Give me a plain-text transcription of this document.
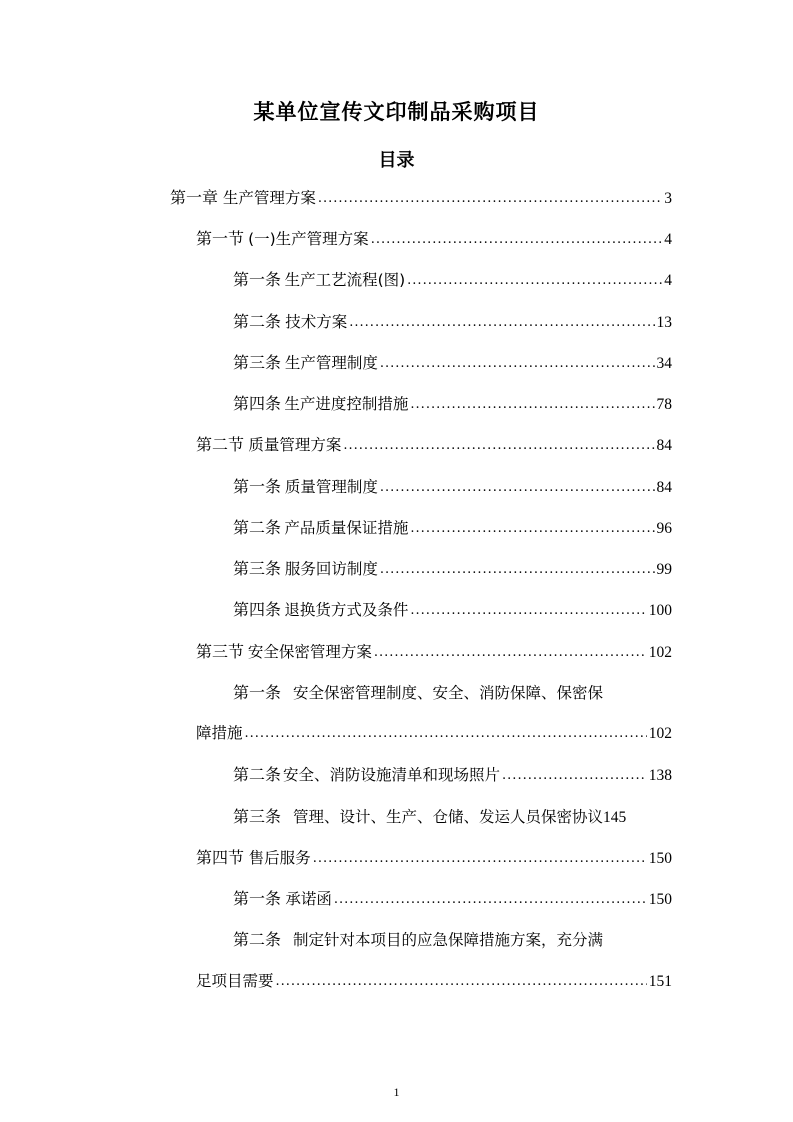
某单位宣传文印制品采购项目
目录
第一章 生产管理方案 .....	3
第一节 (一)生产管理方案 .....	4
第一条 生产工艺流程(图) .....	4
第二条 技术方案 .....	13
第三条 生产管理制度 .....	34
第四条 生产进度控制措施 .....	78
第二节 质量管理方案 .....	84
第一条 质量管理制度 .....	84
第二条 产品质量保证措施 .....	96
第三条 服务回访制度 .....	99
第四条 退换货方式及条件 .....	100
第三节 安全保密管理方案 .....	102
第一条 安全保密管理制度、安全、消防保障、保密保
障措施 .....	102
第二条 安全、消防设施清单和现场照片 .....	138
第三条 管理、设计、生产、仓储、发运人员保密协议 145
第四节 售后服务 .....	150
第一条 承诺函 .....	150
第二条 制定针对本项目的应急保障措施方案，充分满
足项目需要 .....	151
1
